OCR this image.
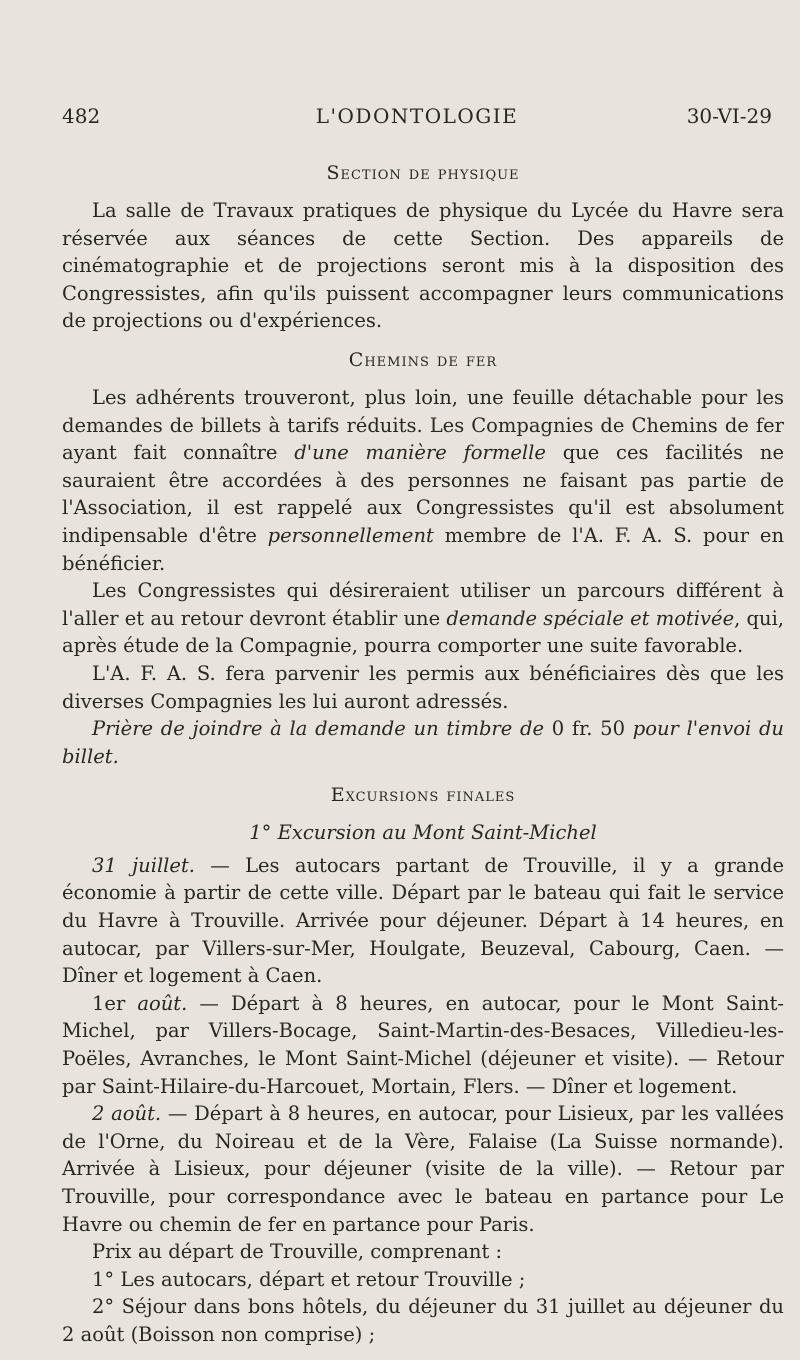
482	L'ODONTOLOGIE	30-VI-29
Section de physique

La salle de Travaux pratiques de physique du Lycée du Havre sera réservée aux séances de cette Section. Des appareils de cinématographie et de projections seront mis à la disposition des Congressistes, afin qu'ils puissent accompagner leurs communications de projections ou d'expériences.

Chemins de fer

Les adhérents trouveront, plus loin, une feuille détachable pour les demandes de billets à tarifs réduits. Les Compagnies de Chemins de fer ayant fait connaître d'une manière formelle que ces facilités ne sauraient être accordées à des personnes ne faisant pas partie de l'Association, il est rappelé aux Congressistes qu'il est absolument indipensable d'être personnellement membre de l'A. F. A. S. pour en bénéficier.

Les Congressistes qui désireraient utiliser un parcours différent à l'aller et au retour devront établir une demande spéciale et motivée, qui, après étude de la Compagnie, pourra comporter une suite favorable.

L'A. F. A. S. fera parvenir les permis aux bénéficiaires dès que les diverses Compagnies les lui auront adressés.

Prière de joindre à la demande un timbre de 0 fr. 50 pour l'envoi du billet.

Excursions finales
1° Excursion au Mont Saint-Michel

31 juillet. — Les autocars partant de Trouville, il y a grande économie à partir de cette ville. Départ par le bateau qui fait le service du Havre à Trouville. Arrivée pour déjeuner. Départ à 14 heures, en autocar, par Villers-sur-Mer, Houlgate, Beuzeval, Cabourg, Caen. — Dîner et logement à Caen.

1er août. — Départ à 8 heures, en autocar, pour le Mont Saint-Michel, par Villers-Bocage, Saint-Martin-des-Besaces, Villedieu-les-Poëles, Avranches, le Mont Saint-Michel (déjeuner et visite). — Retour par Saint-Hilaire-du-Harcouet, Mortain, Flers. — Dîner et logement.

2 août. — Départ à 8 heures, en autocar, pour Lisieux, par les vallées de l'Orne, du Noireau et de la Vère, Falaise (La Suisse normande). Arrivée à Lisieux, pour déjeuner (visite de la ville). — Retour par Trouville, pour correspondance avec le bateau en partance pour Le Havre ou chemin de fer en partance pour Paris.

Prix au départ de Trouville, comprenant :

1° Les autocars, départ et retour Trouville ;

2° Séjour dans bons hôtels, du déjeuner du 31 juillet au déjeuner du 2 août (Boisson non comprise) ;
